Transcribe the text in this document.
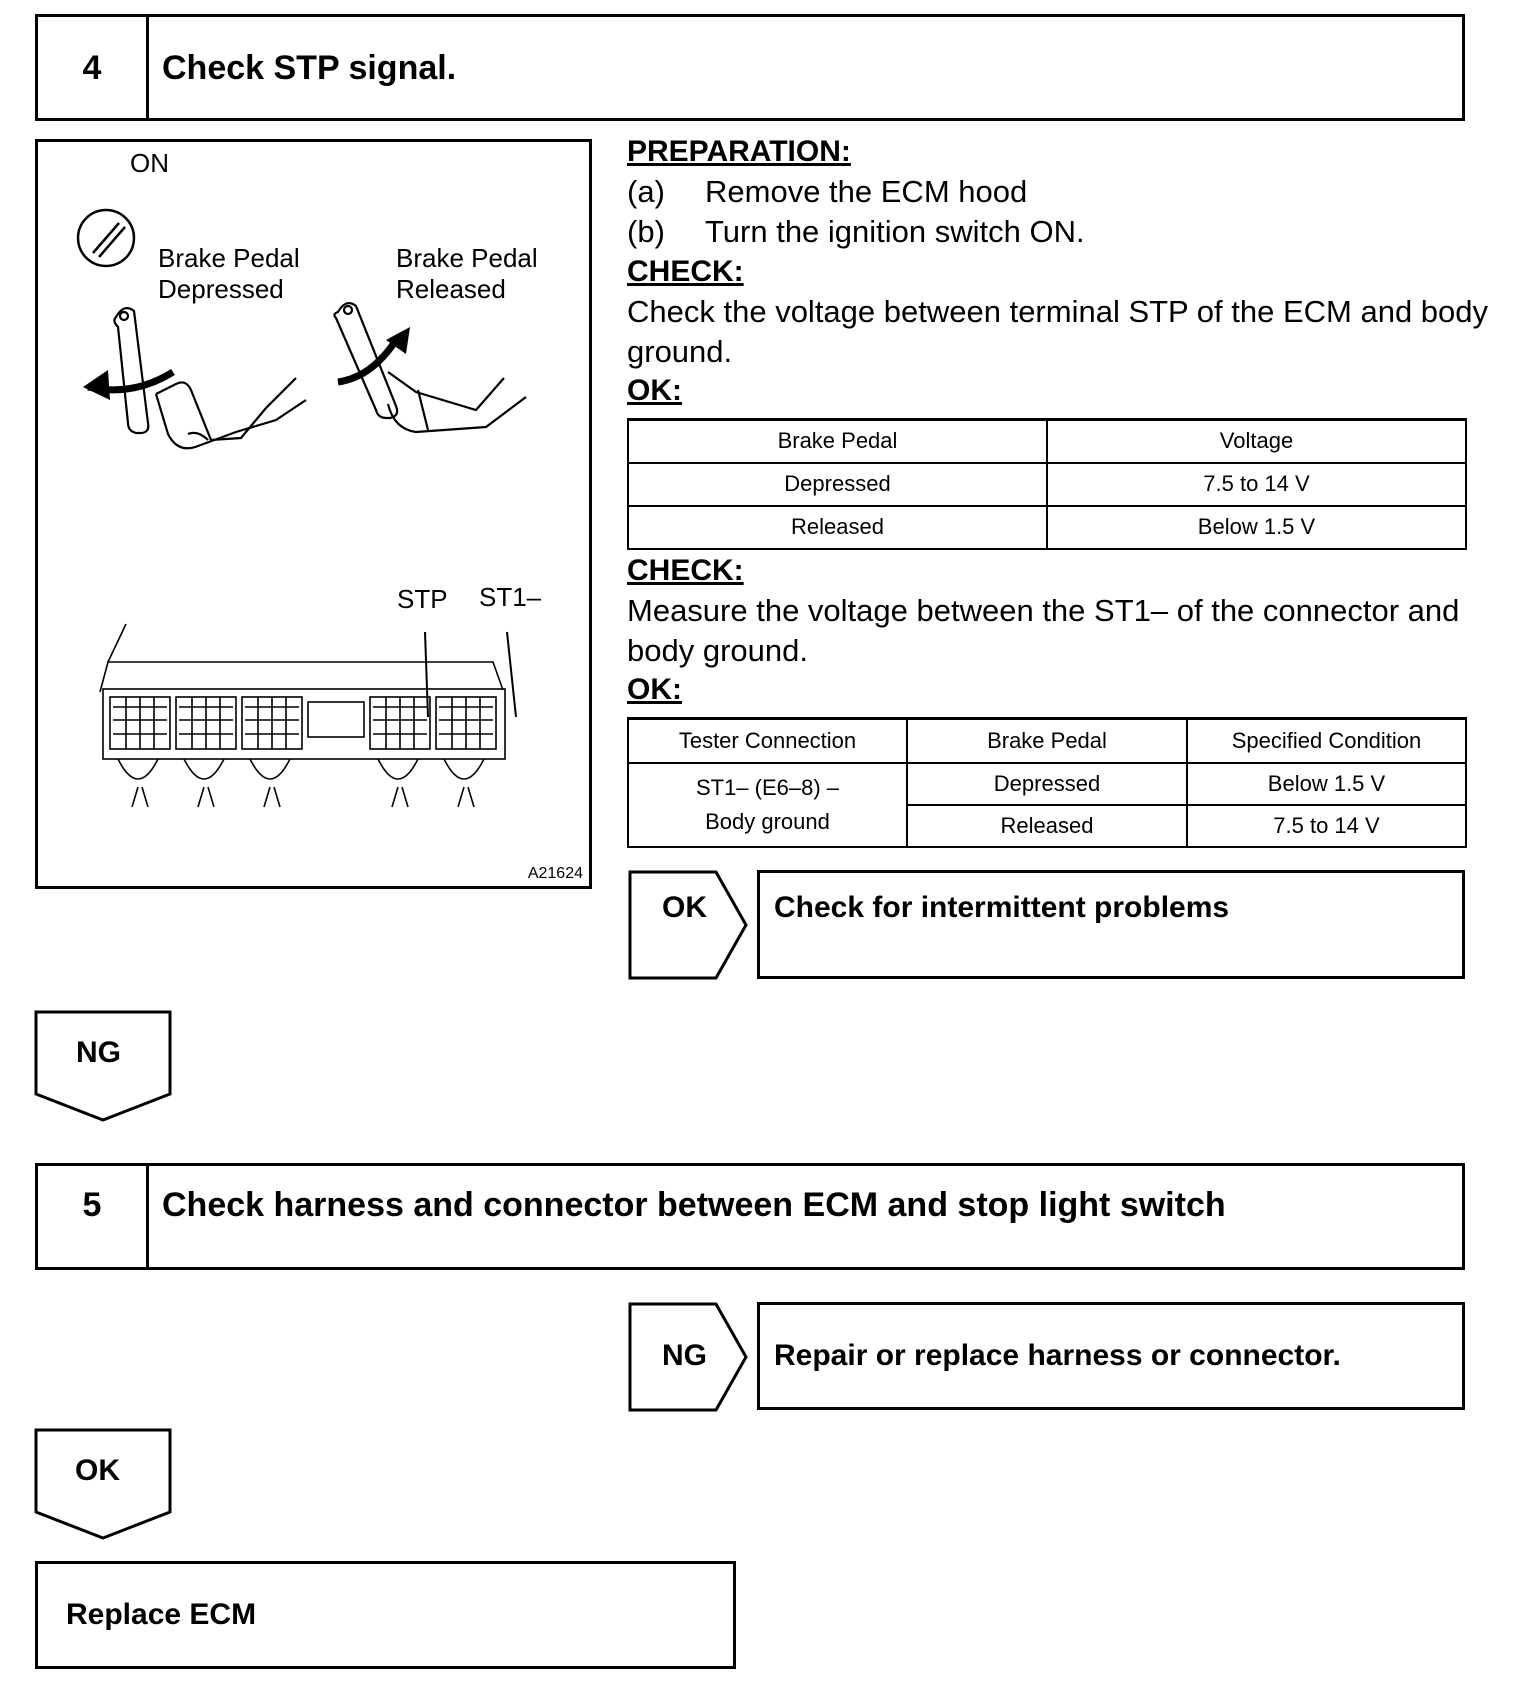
4	Check STP signal.
ON
Brake Pedal
Depressed
Brake Pedal
Released
STP ST1–
A21624
PREPARATION:
(a) Remove the ECM hood
(b) Turn the ignition switch ON.
CHECK:
Check the voltage between terminal STP of the ECM and body
ground.
OK:
Brake Pedal	Voltage
Depressed	7.5 to 14 V
Released	Below 1.5 V
CHECK:
Measure the voltage between the ST1– of the connector and
body ground.
OK:
Tester Connection	Brake Pedal	Specified Condition

ST1– (E6–8) –
Body ground	Depressed	Below 1.5 V
	Released	7.5 to 14 V
OK Check for intermittent problems
NG
5	Check harness and connector between ECM and stop light switch
NG Repair or replace harness or connector.
OK
Replace ECM
